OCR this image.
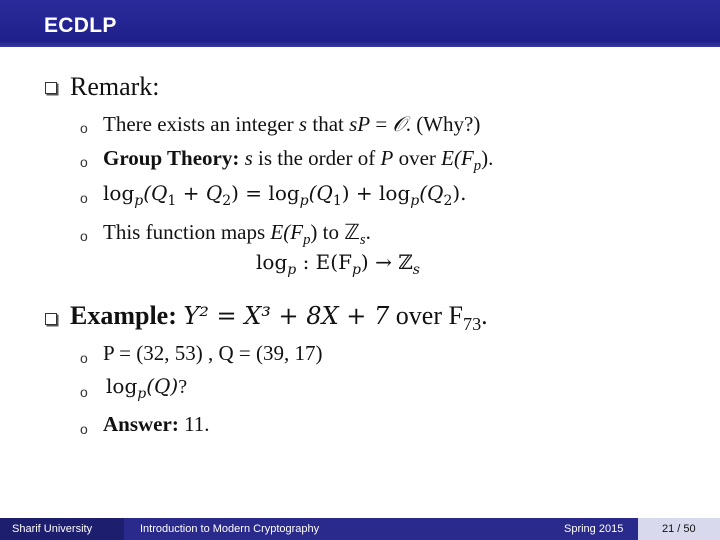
ECDLP
Remark:
o There exists an integer s that sP = 𝒪. (Why?)
o Group Theory: s is the order of P over $E(F_p)$.
o $\log_p(Q_1 + Q_2) = \log_p(Q_1) + \log_p(Q_2)$.
o This function maps $E(F_p)$ to ℤ$_s$.
$\log_p$ : $E(F_p)$ → ℤ$_s$
Example: Y² = X³ + 8X + 7 over $F_{73}$.
o P = (32, 53) , Q = (39, 17)
o $\log_p(Q)$?
o Answer: 11.
Sharif University	Introduction to Modern Cryptography	Spring 2015	21 / 50
